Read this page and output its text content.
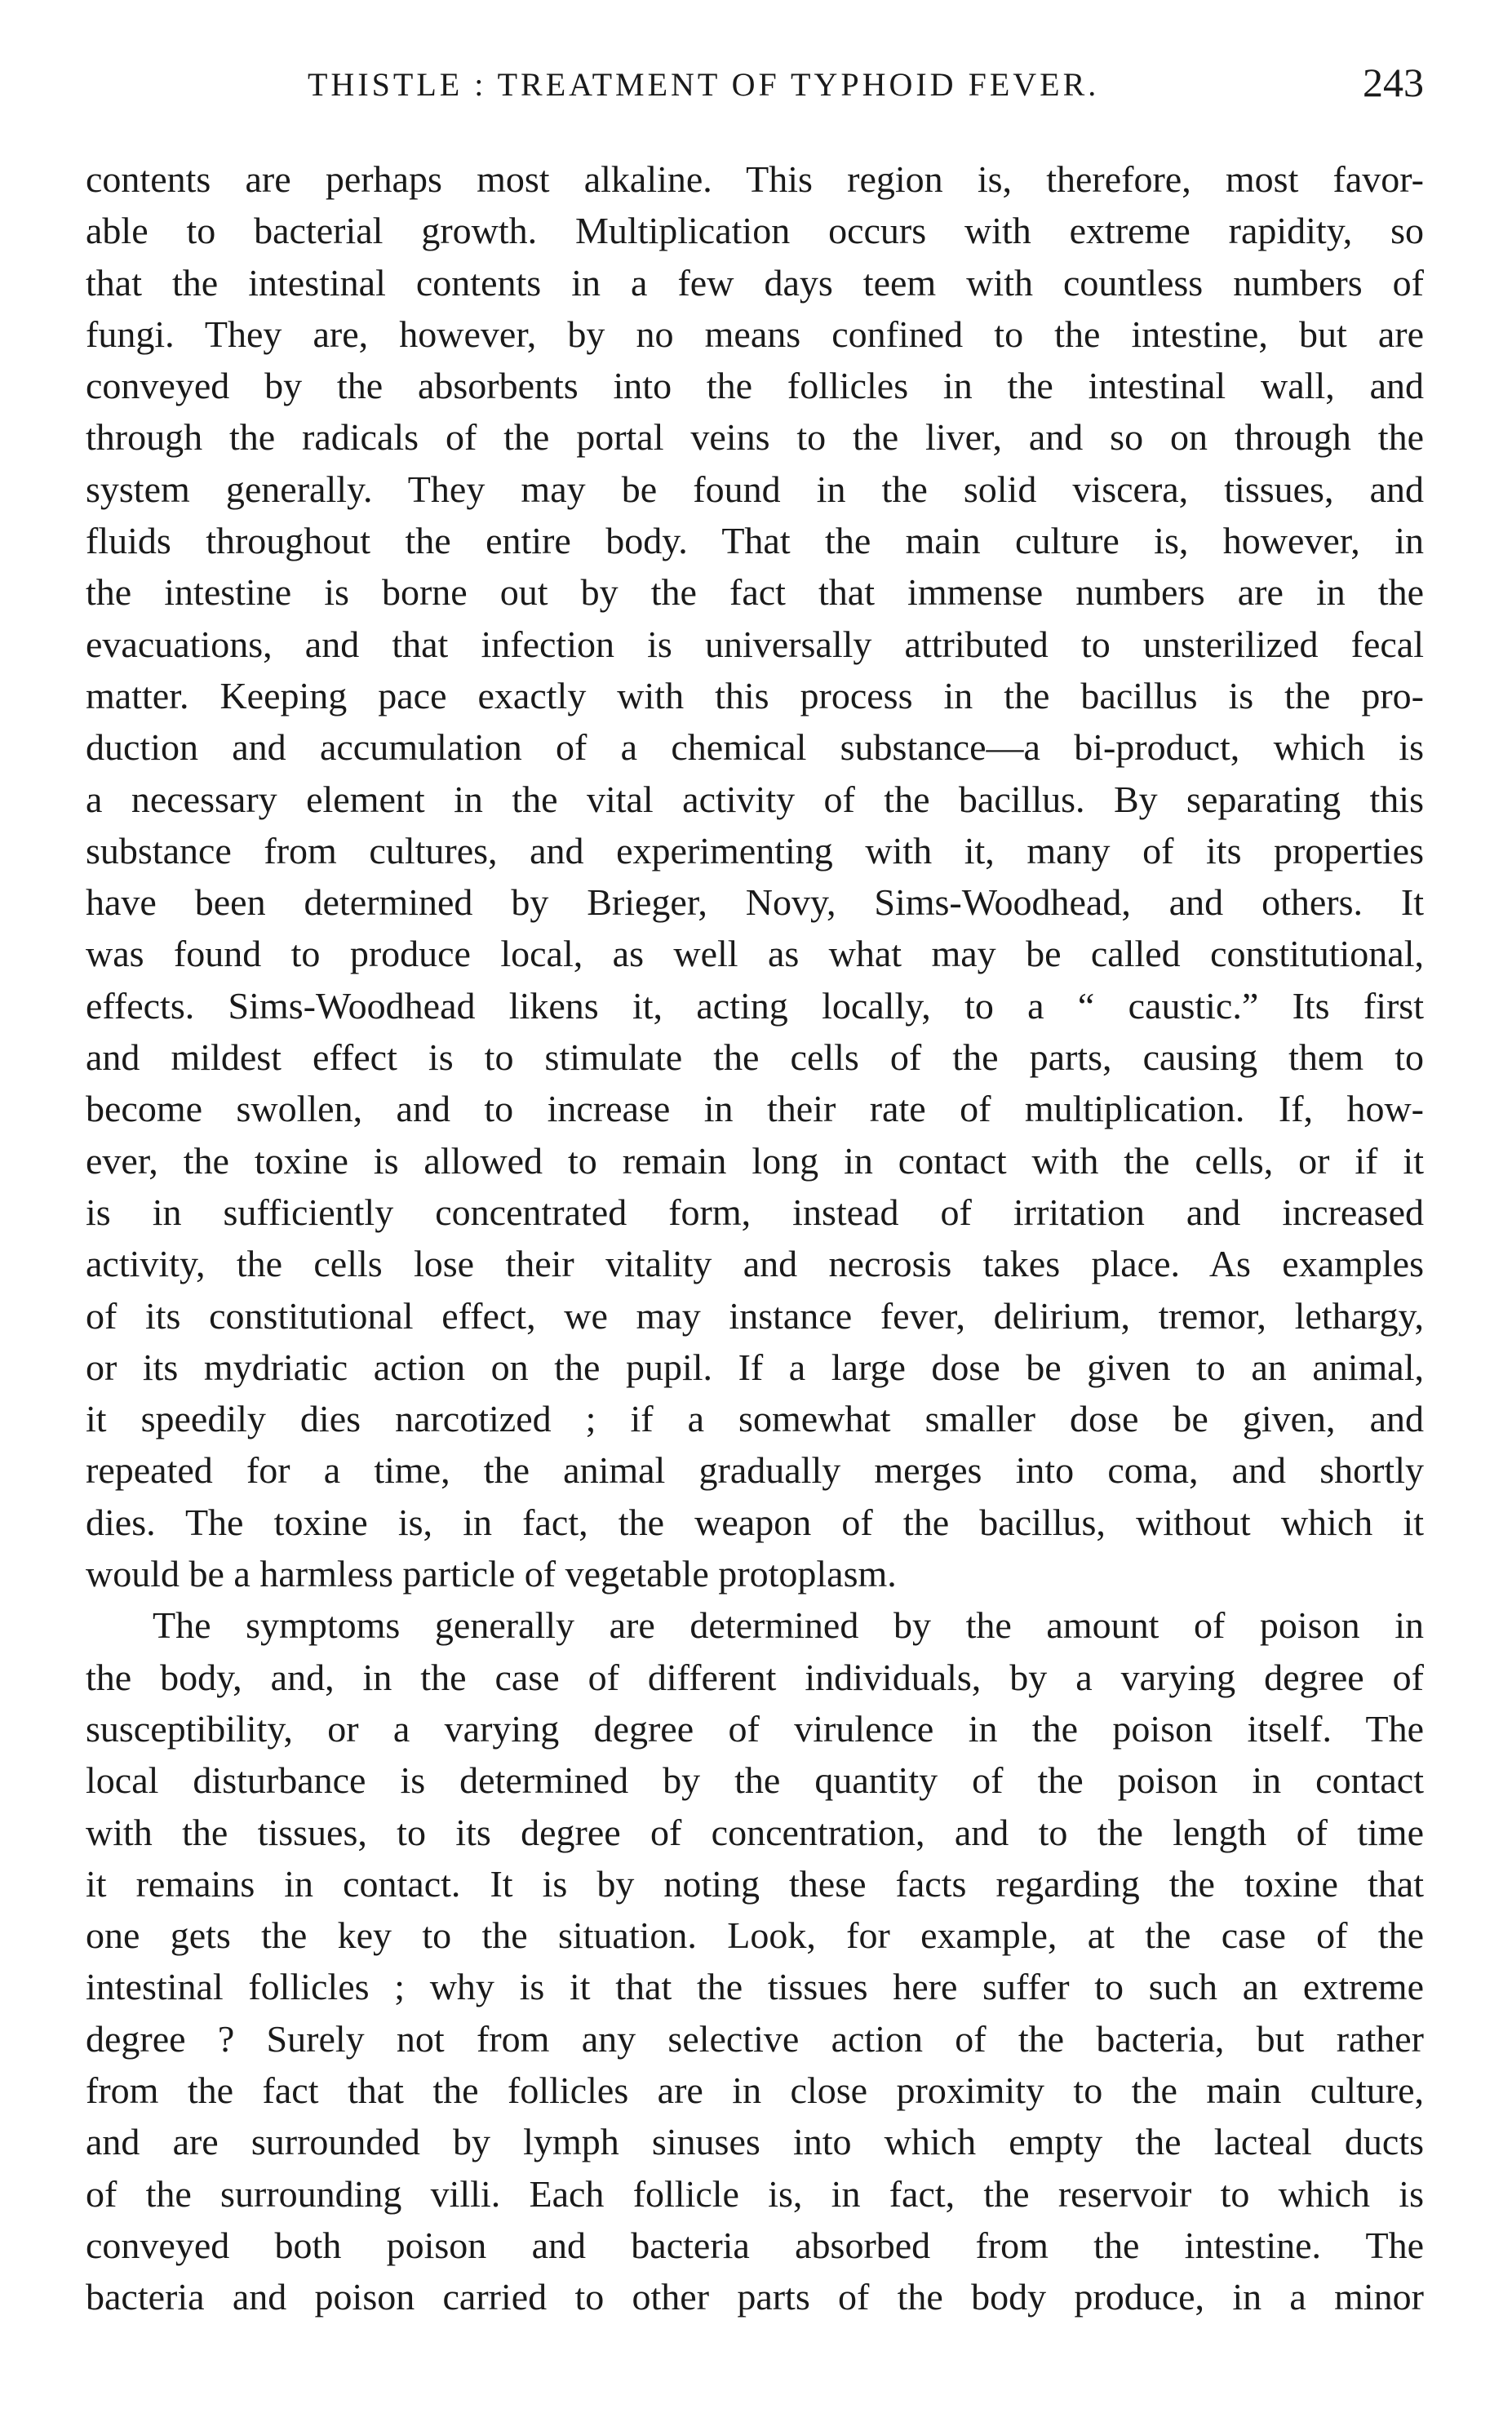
THISTLE : TREATMENT OF TYPHOID FEVER.	243
contents are perhaps most alkaline. This region is, therefore, most favor-
able to bacterial growth. Multiplication occurs with extreme rapidity, so
that the intestinal contents in a few days teem with countless numbers of
fungi. They are, however, by no means confined to the intestine, but are
conveyed by the absorbents into the follicles in the intestinal wall, and
through the radicals of the portal veins to the liver, and so on through the
system generally. They may be found in the solid viscera, tissues, and
fluids throughout the entire body. That the main culture is, however, in
the intestine is borne out by the fact that immense numbers are in the
evacuations, and that infection is universally attributed to unsterilized fecal
matter. Keeping pace exactly with this process in the bacillus is the pro-
duction and accumulation of a chemical substance—a bi-product, which is
a necessary element in the vital activity of the bacillus. By separating this
substance from cultures, and experimenting with it, many of its properties
have been determined by Brieger, Novy, Sims-Woodhead, and others. It
was found to produce local, as well as what may be called constitutional,
effects. Sims-Woodhead likens it, acting locally, to a “ caustic.” Its first
and mildest effect is to stimulate the cells of the parts, causing them to
become swollen, and to increase in their rate of multiplication. If, how-
ever, the toxine is allowed to remain long in contact with the cells, or if it
is in sufficiently concentrated form, instead of irritation and increased
activity, the cells lose their vitality and necrosis takes place. As examples
of its constitutional effect, we may instance fever, delirium, tremor, lethargy,
or its mydriatic action on the pupil. If a large dose be given to an animal,
it speedily dies narcotized ; if a somewhat smaller dose be given, and
repeated for a time, the animal gradually merges into coma, and shortly
dies. The toxine is, in fact, the weapon of the bacillus, without which it
would be a harmless particle of vegetable protoplasm.
The symptoms generally are determined by the amount of poison in
the body, and, in the case of different individuals, by a varying degree of
susceptibility, or a varying degree of virulence in the poison itself. The
local disturbance is determined by the quantity of the poison in contact
with the tissues, to its degree of concentration, and to the length of time
it remains in contact. It is by noting these facts regarding the toxine that
one gets the key to the situation. Look, for example, at the case of the
intestinal follicles ; why is it that the tissues here suffer to such an extreme
degree ? Surely not from any selective action of the bacteria, but rather
from the fact that the follicles are in close proximity to the main culture,
and are surrounded by lymph sinuses into which empty the lacteal ducts
of the surrounding villi. Each follicle is, in fact, the reservoir to which is
conveyed both poison and bacteria absorbed from the intestine. The
bacteria and poison carried to other parts of the body produce, in a minor
